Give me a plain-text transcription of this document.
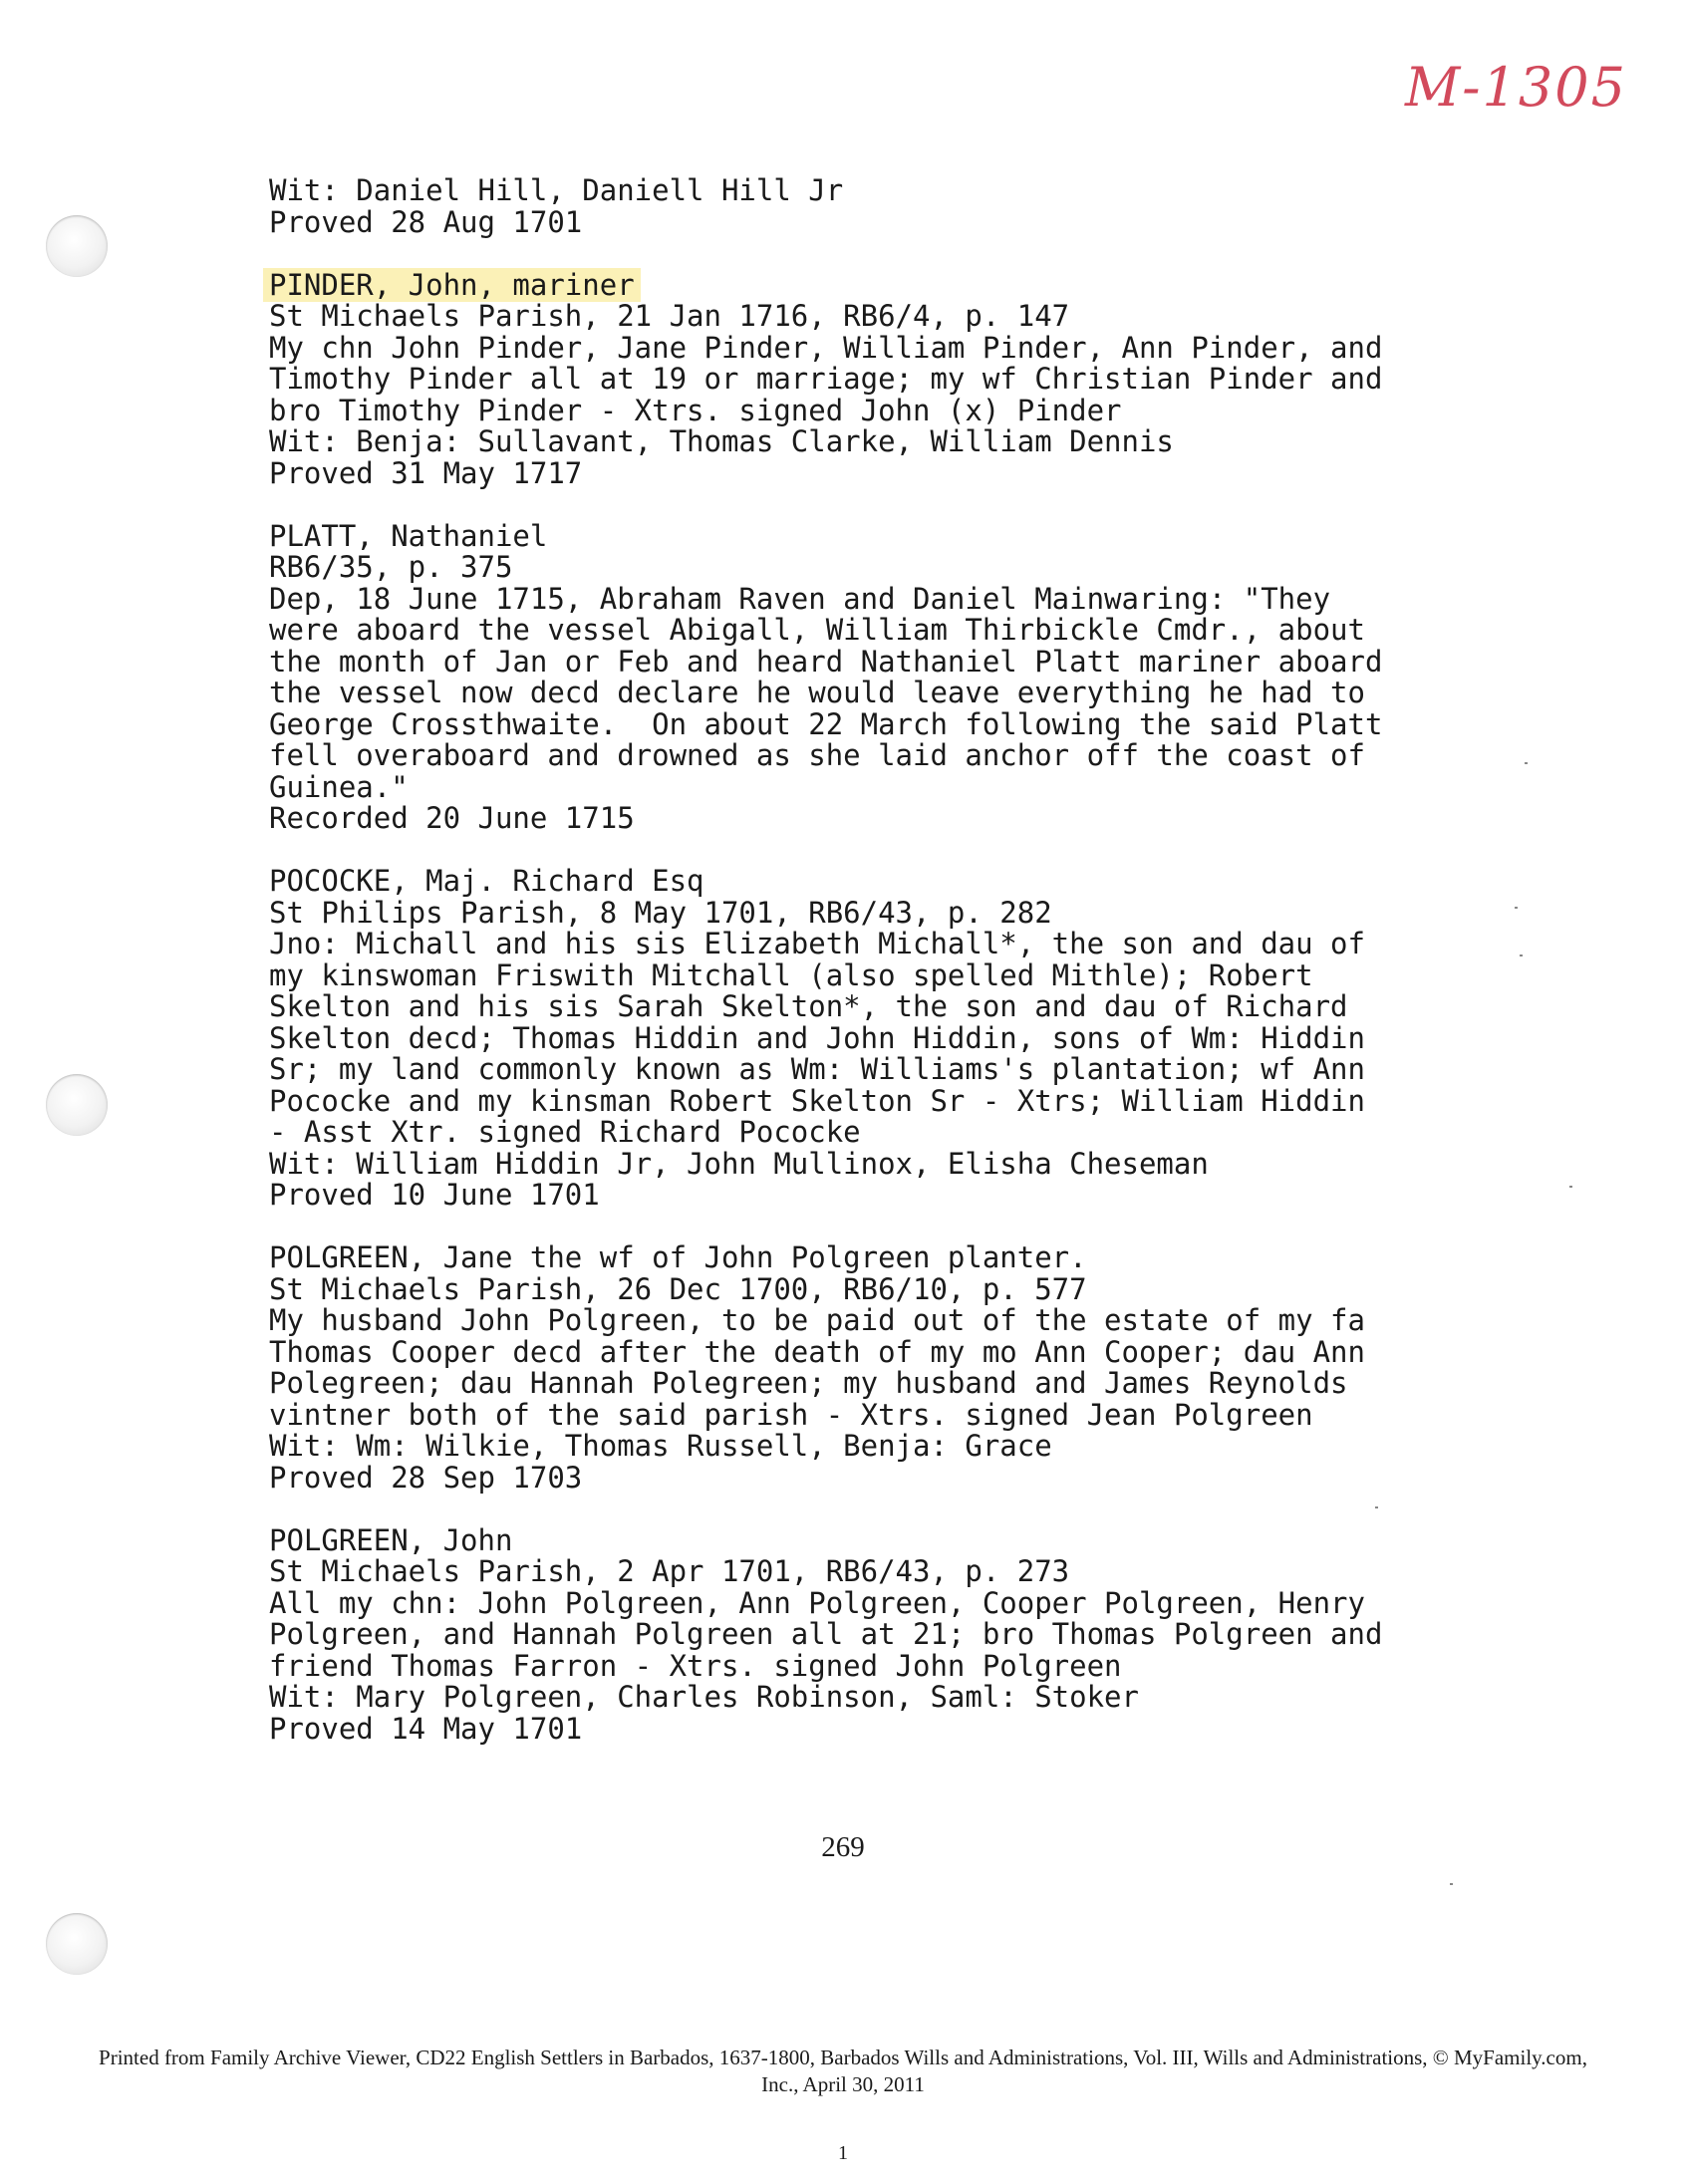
M-1305
Wit: Daniel Hill, Daniell Hill Jr
Proved 28 Aug 1701
PINDER, John, mariner
St Michaels Parish, 21 Jan 1716, RB6/4, p. 147
My chn John Pinder, Jane Pinder, William Pinder, Ann Pinder, and
Timothy Pinder all at 19 or marriage; my wf Christian Pinder and
bro Timothy Pinder - Xtrs. signed John (x) Pinder
Wit: Benja: Sullavant, Thomas Clarke, William Dennis
Proved 31 May 1717
PLATT, Nathaniel
RB6/35, p. 375
Dep, 18 June 1715, Abraham Raven and Daniel Mainwaring: "They
were aboard the vessel Abigall, William Thirbickle Cmdr., about
the month of Jan or Feb and heard Nathaniel Platt mariner aboard
the vessel now decd declare he would leave everything he had to
George Crossthwaite.  On about 22 March following the said Platt
fell overaboard and drowned as she laid anchor off the coast of
Guinea."
Recorded 20 June 1715
POCOCKE, Maj. Richard Esq
St Philips Parish, 8 May 1701, RB6/43, p. 282
Jno: Michall and his sis Elizabeth Michall*, the son and dau of
my kinswoman Friswith Mitchall (also spelled Mithle); Robert
Skelton and his sis Sarah Skelton*, the son and dau of Richard
Skelton decd; Thomas Hiddin and John Hiddin, sons of Wm: Hiddin
Sr; my land commonly known as Wm: Williams's plantation; wf Ann
Pococke and my kinsman Robert Skelton Sr - Xtrs; William Hiddin
- Asst Xtr. signed Richard Pococke
Wit: William Hiddin Jr, John Mullinox, Elisha Cheseman
Proved 10 June 1701
POLGREEN, Jane the wf of John Polgreen planter.
St Michaels Parish, 26 Dec 1700, RB6/10, p. 577
My husband John Polgreen, to be paid out of the estate of my fa
Thomas Cooper decd after the death of my mo Ann Cooper; dau Ann
Polegreen; dau Hannah Polegreen; my husband and James Reynolds
vintner both of the said parish - Xtrs. signed Jean Polgreen
Wit: Wm: Wilkie, Thomas Russell, Benja: Grace
Proved 28 Sep 1703
POLGREEN, John
St Michaels Parish, 2 Apr 1701, RB6/43, p. 273
All my chn: John Polgreen, Ann Polgreen, Cooper Polgreen, Henry
Polgreen, and Hannah Polgreen all at 21; bro Thomas Polgreen and
friend Thomas Farron - Xtrs. signed John Polgreen
Wit: Mary Polgreen, Charles Robinson, Saml: Stoker
Proved 14 May 1701
269
Printed from Family Archive Viewer, CD22 English Settlers in Barbados, 1637-1800, Barbados Wills and Administrations, Vol. III, Wills and Administrations, © MyFamily.com,
Inc., April 30, 2011
1
